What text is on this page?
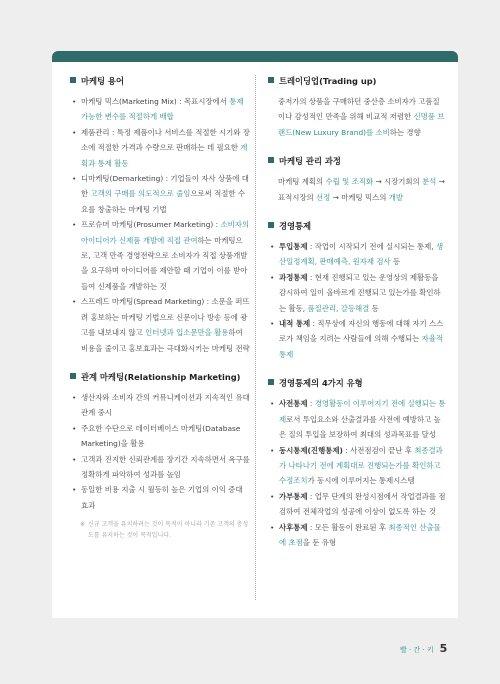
마케팅 용어
• 마케팅 믹스(Marketing Mix) : 목표시장에서 통제 가능한 변수를 적절하게 배합
• 제품관리 : 특정 제품이나 서비스를 적절한 시기와 장소에 적절한 가격과 수량으로 판매하는 데 필요한 계획과 통제 활동
• 디마케팅(Demarketing) : 기업들이 자사 상품에 대한 고객의 구매를 의도적으로 줄임으로써 적절한 수요를 창출하는 마케팅 기법
• 프로슈머 마케팅(Prosumer Marketing) : 소비자의 아이디어가 신제품 개발에 직접 관여하는 마케팅으로, 고객 만족 경영전략으로 소비자가 직접 상품개발을 요구하며 아이디어를 제안할 때 기업이 이를 받아들여 신제품을 개발하는 것
• 스프레드 마케팅(Spread Marketing) : 소문을 퍼뜨려 홍보하는 마케팅 기법으로 신문이나 방송 등에 광고를 내보내지 않고 인터넷과 입소문만을 활용하여 비용을 줄이고 홍보효과는 극대화시키는 마케팅 전략
관계 마케팅(Relationship Marketing)
• 생산자와 소비자 간의 커뮤니케이션과 지속적인 유대관계 중시
• 주요한 수단으로 데이터베이스 마케팅(Database Marketing)을 활용
• 고객과 진지한 신뢰관계를 장기간 지속하면서 욕구를 정확하게 파악하여 성과를 높임
• 동일한 비용 지출 시 월등히 높은 기업의 이익 증대 효과
※ 신규 고객을 유치하려는 것이 목적이 아니라 기존 고객의 충성도를 유지하는 것이 목적입니다.
트레이딩업(Trading up)

중저가의 상품을 구매하던 중산층 소비자가 고품질이나 감성적인 만족을 위해 비교적 저렴한 신명품 브랜드(New Luxury Brand)를 소비하는 경향

마케팅 관리 과정

마케팅 계획의 수립 및 조직화 → 시장기회의 분석 → 표적시장의 선정 → 마케팅 믹스의 개발

경영통제
• 투입통제 : 작업이 시작되기 전에 실시되는 통제, 생산일정계획, 판매예측, 원자재 검사 등
• 과정통제 : 현재 진행되고 있는 운영상의 제활동을 감시하여 일이 올바르게 진행되고 있는가를 확인하는 활동, 품질관리, 갈등해결 등
• 내적 통제 : 직무상에 자신의 행동에 대해 자기 스스로가 책임을 지려는 사람들에 의해 수행되는 자율적 통제
경영통제의 4가지 유형
• 사전통제 : 경영활동이 이루어지기 전에 실행되는 통제로서 투입요소와 산출결과를 사전에 예방하고 높은 질의 투입을 보장하여 최대의 성과목표를 달성
• 동시통제(진행통제) : 사전점검이 끝난 후 최종결과가 나타나기 전에 계획대로 진행되는가를 확인하고 수정조치가 동시에 이루어지는 통제시스템
• 가부통제 : 업무 단계의 완성시점에서 작업결과를 점검하여 전체작업의 성공에 이상이 없도록 하는 것
• 사후통제 : 모든 활동이 완료된 후 최종적인 산출물에 초점을 둔 유형
빨 · 간 · 키 5
